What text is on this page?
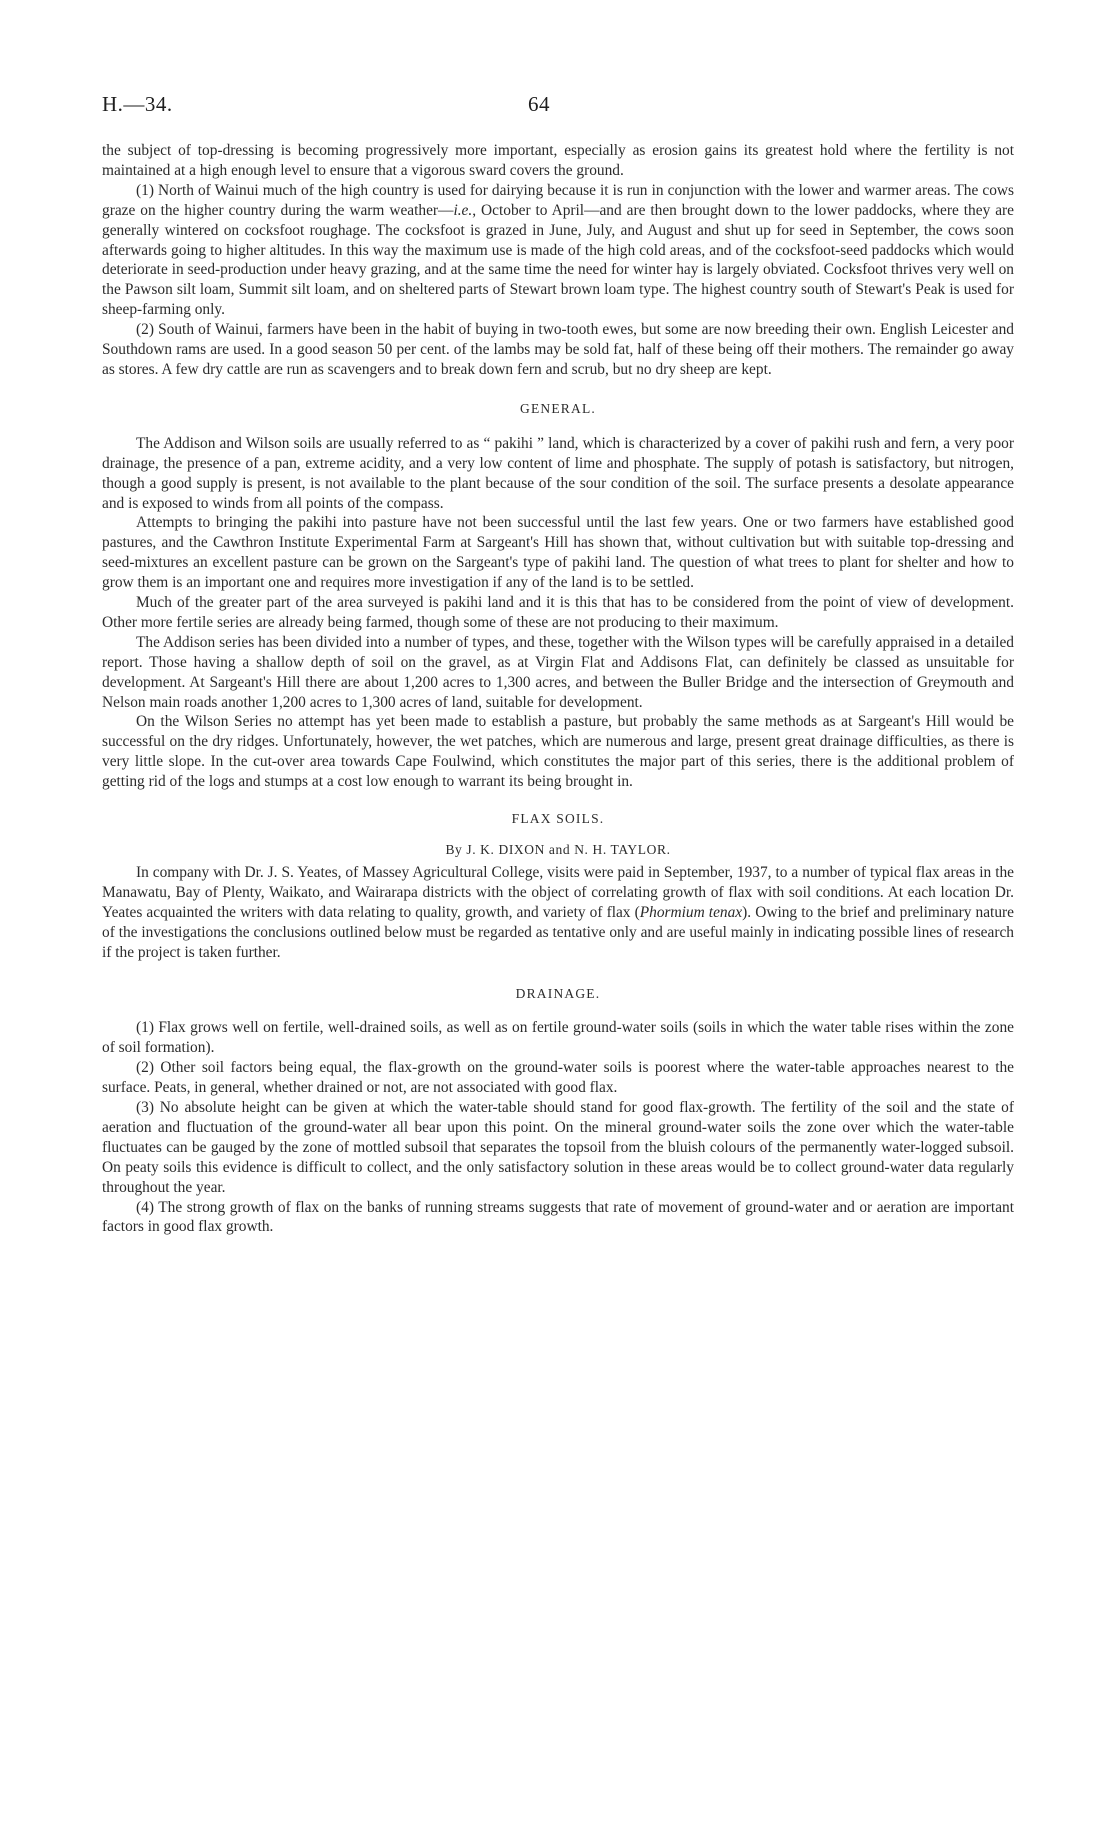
H.—34.	64

the subject of top-dressing is becoming progressively more important, especially as erosion gains its greatest hold where the fertility is not maintained at a high enough level to ensure that a vigorous sward covers the ground.

(1) North of Wainui much of the high country is used for dairying because it is run in conjunction with the lower and warmer areas. The cows graze on the higher country during the warm weather—i.e., October to April—and are then brought down to the lower paddocks, where they are generally wintered on cocksfoot roughage. The cocksfoot is grazed in June, July, and August and shut up for seed in September, the cows soon afterwards going to higher altitudes. In this way the maximum use is made of the high cold areas, and of the cocksfoot-seed paddocks which would deteriorate in seed-production under heavy grazing, and at the same time the need for winter hay is largely obviated. Cocksfoot thrives very well on the Pawson silt loam, Summit silt loam, and on sheltered parts of Stewart brown loam type. The highest country south of Stewart's Peak is used for sheep-farming only.

(2) South of Wainui, farmers have been in the habit of buying in two-tooth ewes, but some are now breeding their own. English Leicester and Southdown rams are used. In a good season 50 per cent. of the lambs may be sold fat, half of these being off their mothers. The remainder go away as stores. A few dry cattle are run as scavengers and to break down fern and scrub, but no dry sheep are kept.

GENERAL.

The Addison and Wilson soils are usually referred to as “ pakihi ” land, which is characterized by a cover of pakihi rush and fern, a very poor drainage, the presence of a pan, extreme acidity, and a very low content of lime and phosphate. The supply of potash is satisfactory, but nitrogen, though a good supply is present, is not available to the plant because of the sour condition of the soil. The surface presents a desolate appearance and is exposed to winds from all points of the compass.

Attempts to bringing the pakihi into pasture have not been successful until the last few years. One or two farmers have established good pastures, and the Cawthron Institute Experimental Farm at Sargeant's Hill has shown that, without cultivation but with suitable top-dressing and seed-mixtures an excellent pasture can be grown on the Sargeant's type of pakihi land. The question of what trees to plant for shelter and how to grow them is an important one and requires more investigation if any of the land is to be settled.

Much of the greater part of the area surveyed is pakihi land and it is this that has to be considered from the point of view of development. Other more fertile series are already being farmed, though some of these are not producing to their maximum.

The Addison series has been divided into a number of types, and these, together with the Wilson types will be carefully appraised in a detailed report. Those having a shallow depth of soil on the gravel, as at Virgin Flat and Addisons Flat, can definitely be classed as unsuitable for development. At Sargeant's Hill there are about 1,200 acres to 1,300 acres, and between the Buller Bridge and the intersection of Greymouth and Nelson main roads another 1,200 acres to 1,300 acres of land, suitable for development.

On the Wilson Series no attempt has yet been made to establish a pasture, but probably the same methods as at Sargeant's Hill would be successful on the dry ridges. Unfortunately, however, the wet patches, which are numerous and large, present great drainage difficulties, as there is very little slope. In the cut-over area towards Cape Foulwind, which constitutes the major part of this series, there is the additional problem of getting rid of the logs and stumps at a cost low enough to warrant its being brought in.

FLAX SOILS.

By J. K. DIXON and N. H. TAYLOR.

In company with Dr. J. S. Yeates, of Massey Agricultural College, visits were paid in September, 1937, to a number of typical flax areas in the Manawatu, Bay of Plenty, Waikato, and Wairarapa districts with the object of correlating growth of flax with soil conditions. At each location Dr. Yeates acquainted the writers with data relating to quality, growth, and variety of flax (Phormium tenax). Owing to the brief and preliminary nature of the investigations the conclusions outlined below must be regarded as tentative only and are useful mainly in indicating possible lines of research if the project is taken further.

DRAINAGE.

(1) Flax grows well on fertile, well-drained soils, as well as on fertile ground-water soils (soils in which the water table rises within the zone of soil formation).

(2) Other soil factors being equal, the flax-growth on the ground-water soils is poorest where the water-table approaches nearest to the surface. Peats, in general, whether drained or not, are not associated with good flax.

(3) No absolute height can be given at which the water-table should stand for good flax-growth. The fertility of the soil and the state of aeration and fluctuation of the ground-water all bear upon this point. On the mineral ground-water soils the zone over which the water-table fluctuates can be gauged by the zone of mottled subsoil that separates the topsoil from the bluish colours of the permanently water-logged subsoil. On peaty soils this evidence is difficult to collect, and the only satisfactory solution in these areas would be to collect ground-water data regularly throughout the year.

(4) The strong growth of flax on the banks of running streams suggests that rate of movement of ground-water and or aeration are important factors in good flax growth.
